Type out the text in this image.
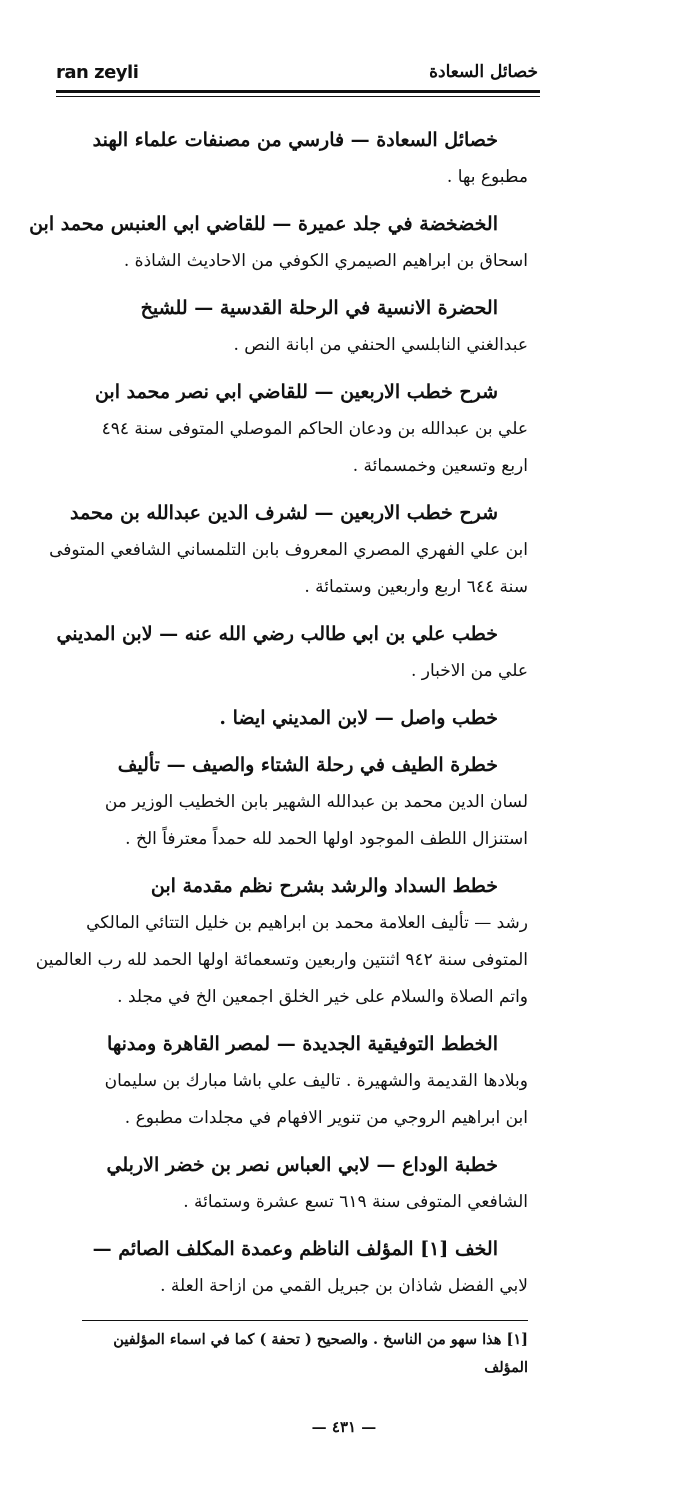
ran zeyli	خصائل السعادة
خصائل السعادة — فارسي من مصنفات علماء الهند
مطبوع بها .
الخضخضة في جلد عميرة — للقاضي ابي العنبس محمد ابن
اسحاق بن ابراهيم الصيمري الكوفي من الاحاديث الشاذة .
الحضرة الانسية في الرحلة القدسية — للشيخ
عبدالغني النابلسي الحنفي من ابانة النص .
شرح خطب الاربعين — للقاضي ابي نصر محمد ابن
علي بن عبدالله بن ودعان الحاكم الموصلي المتوفى سنة ٤٩٤
اربع وتسعين وخمسمائة .
شرح خطب الاربعين — لشرف الدين عبدالله بن محمد
ابن علي الفهري المصري المعروف بابن التلمساني الشافعي المتوفى
سنة ٦٤٤ اربع واربعين وستمائة .
خطب علي بن ابي طالب رضي الله عنه — لابن المديني
علي من الاخبار .
خطب واصل — لابن المديني ايضا .
خطرة الطيف في رحلة الشتاء والصيف — تأليف
لسان الدين محمد بن عبدالله الشهير بابن الخطيب الوزير من
استنزال اللطف الموجود اولها الحمد لله حمداً معترفاً الخ .
خطط السداد والرشد بشرح نظم مقدمة ابن
رشد — تأليف العلامة محمد بن ابراهيم بن خليل التتائي المالكي
المتوفى سنة ٩٤٢ اثنتين واربعين وتسعمائة اولها الحمد لله رب العالمين
واتم الصلاة والسلام على خير الخلق اجمعين الخ في مجلد .
الخطط التوفيقية الجديدة — لمصر القاهرة ومدنها
وبلادها القديمة والشهيرة . تاليف علي باشا مبارك بن سليمان
ابن ابراهيم الروجي من تنوير الافهام في مجلدات مطبوع .
خطبة الوداع — لابي العباس نصر بن خضر الاربلي
الشافعي المتوفى سنة ٦١٩ تسع عشرة وستمائة .
الخف [١] المؤلف الناظم وعمدة المكلف الصائم —
لابي الفضل شاذان بن جبريل القمي من ازاحة العلة .
[١] هذا سهو من الناسخ . والصحيح ( تحفة ) كما في اسماء المؤلفين
المؤلف
— ٤٣١ —
